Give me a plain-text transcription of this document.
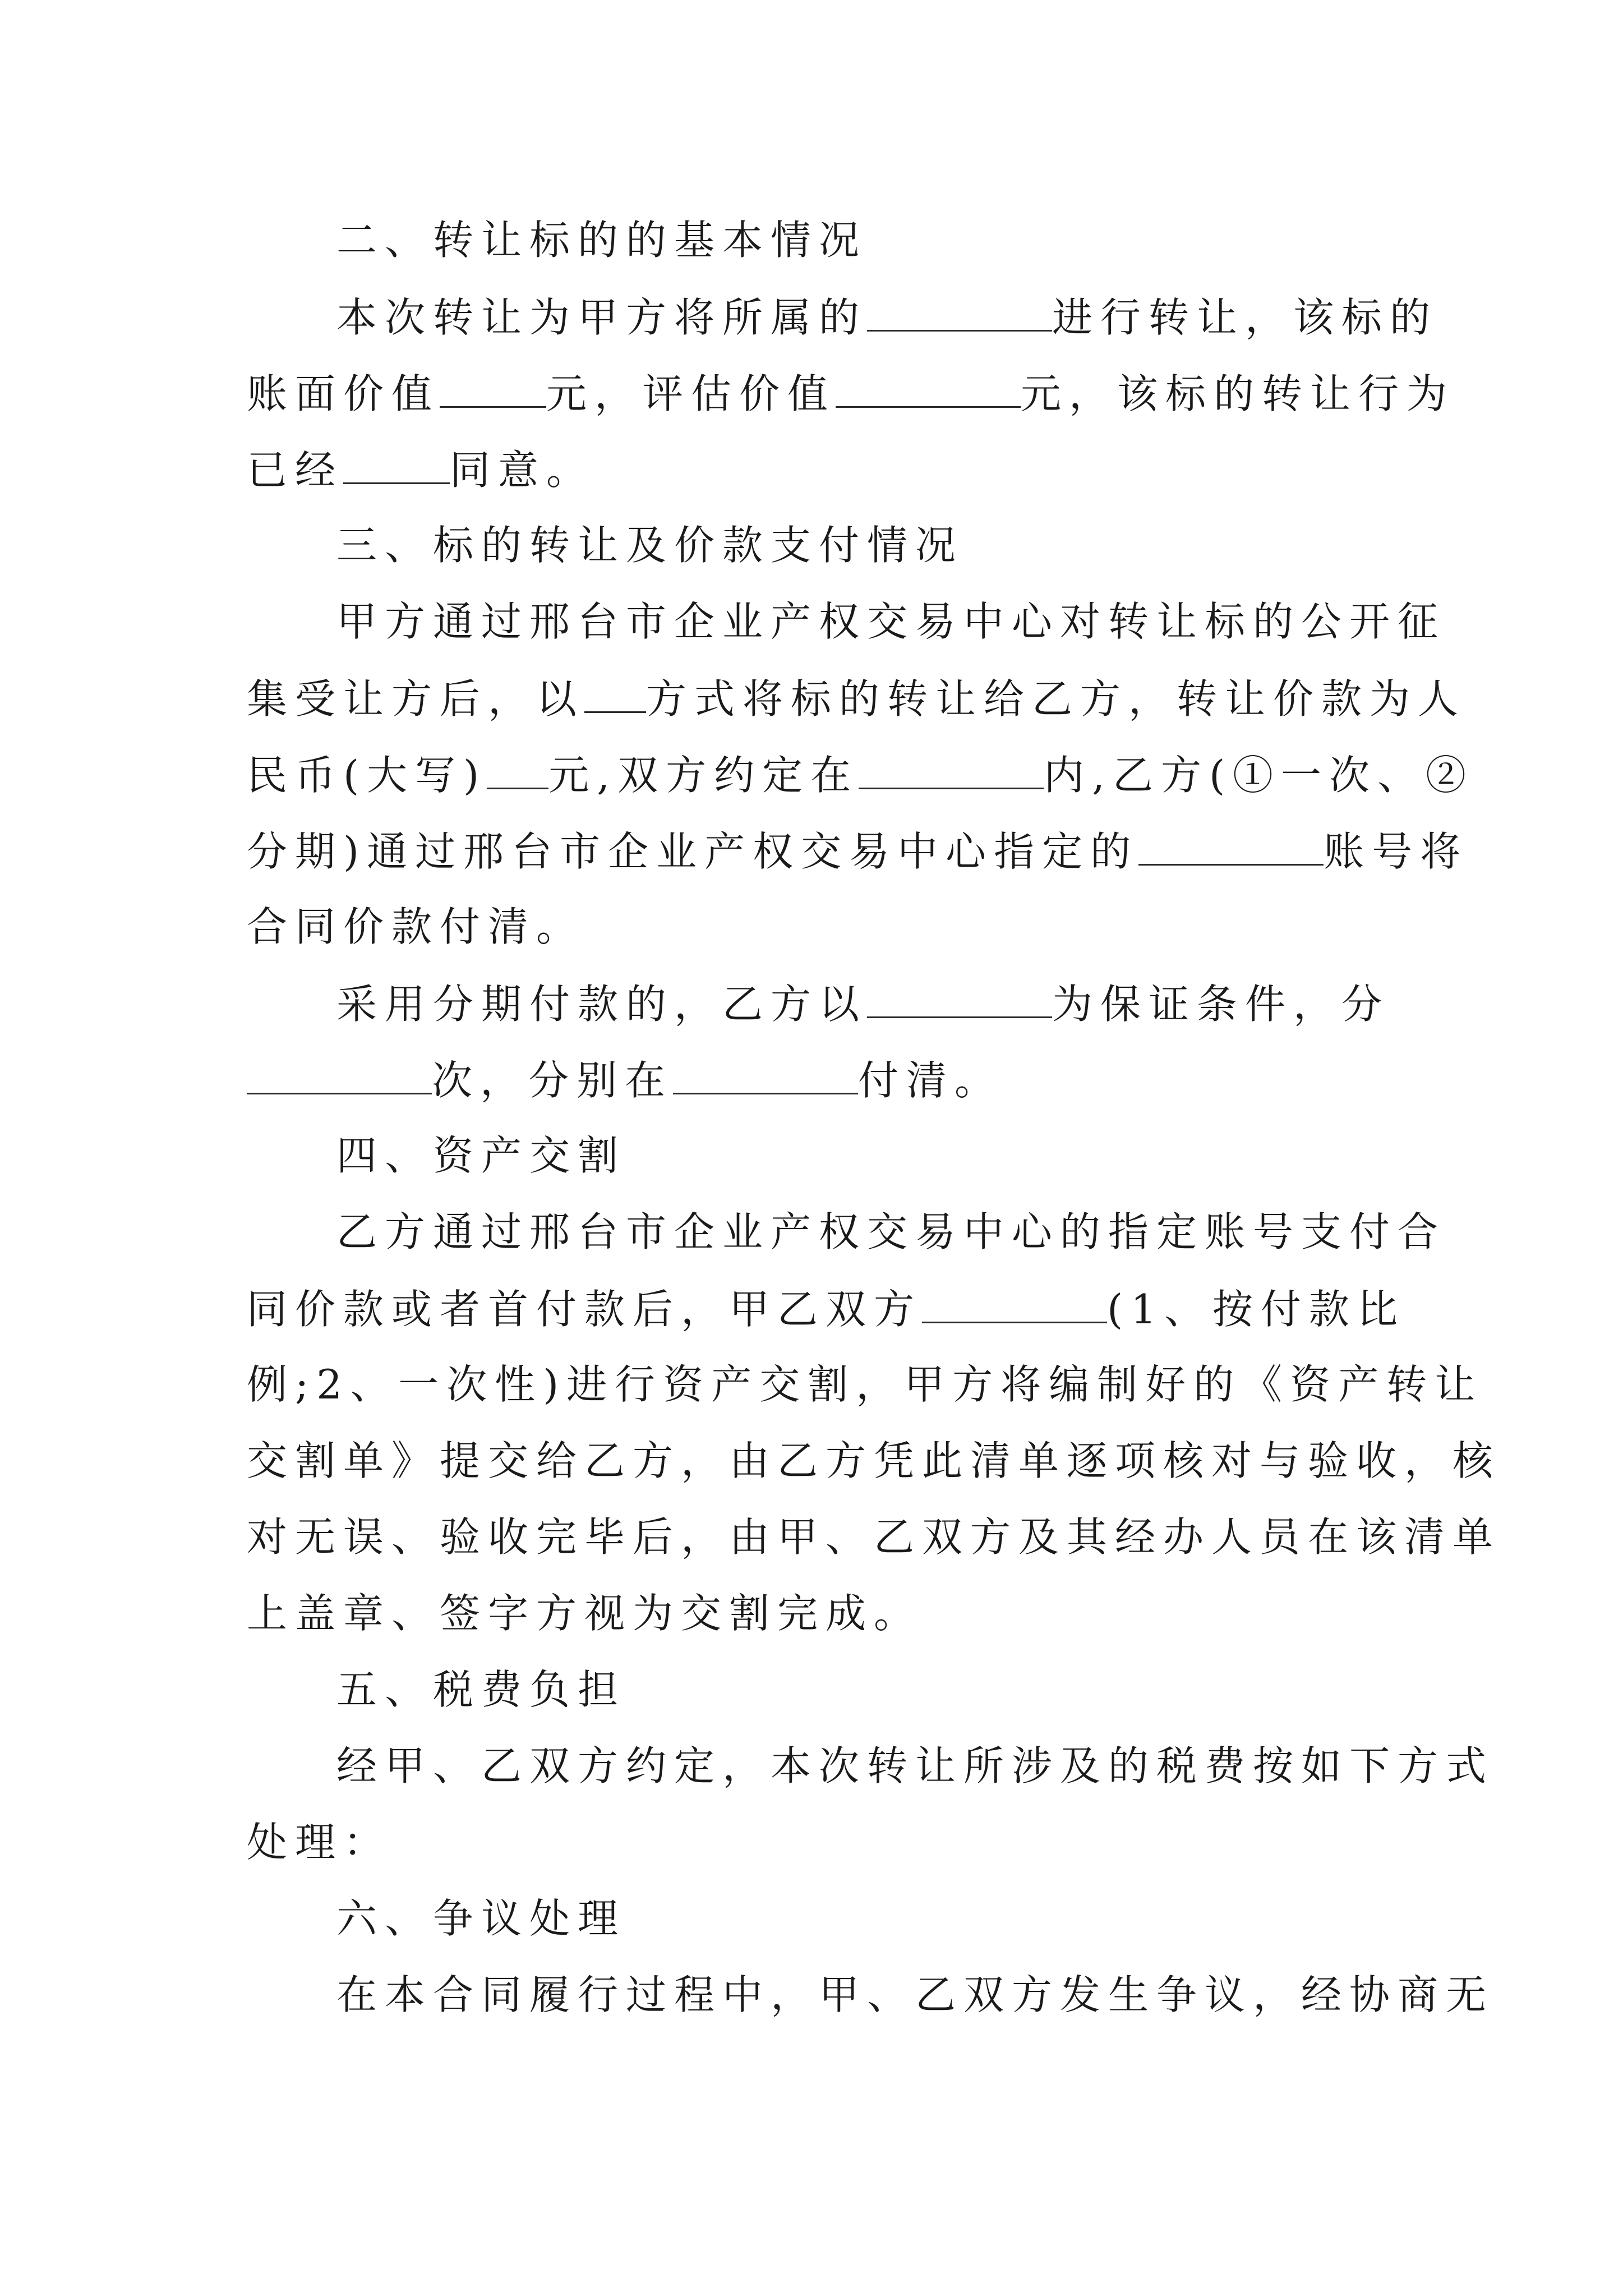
二、转让标的的基本情况
本次转让为甲方将所属的	进行转让，该标的
账面价值	元，评估价值	元，该标的转让行为
已经	同意。
三、标的转让及价款支付情况
甲方通过邢台市企业产权交易中心对转让标的公开征
集受让方后，以 方式将标的转让给乙方，转让价款为人
民币(大写) 元,双方约定在	内,乙方(①一次、②
分期)通过邢台市企业产权交易中心指定的	账号将
合同价款付清。
采用分期付款的，乙方以	为保证条件，分
次，分别在	付清。
四、资产交割
乙方通过邢台市企业产权交易中心的指定账号支付合
同价款或者首付款后，甲乙双方	(1、按付款比
例;2、一次性)进行资产交割，甲方将编制好的《资产转让
交割单》提交给乙方，由乙方凭此清单逐项核对与验收，核
对无误、验收完毕后，由甲、乙双方及其经办人员在该清单
上盖章、签字方视为交割完成。
五、税费负担
经甲、乙双方约定，本次转让所涉及的税费按如下方式
处理：
六、争议处理
在本合同履行过程中，甲、乙双方发生争议，经协商无
